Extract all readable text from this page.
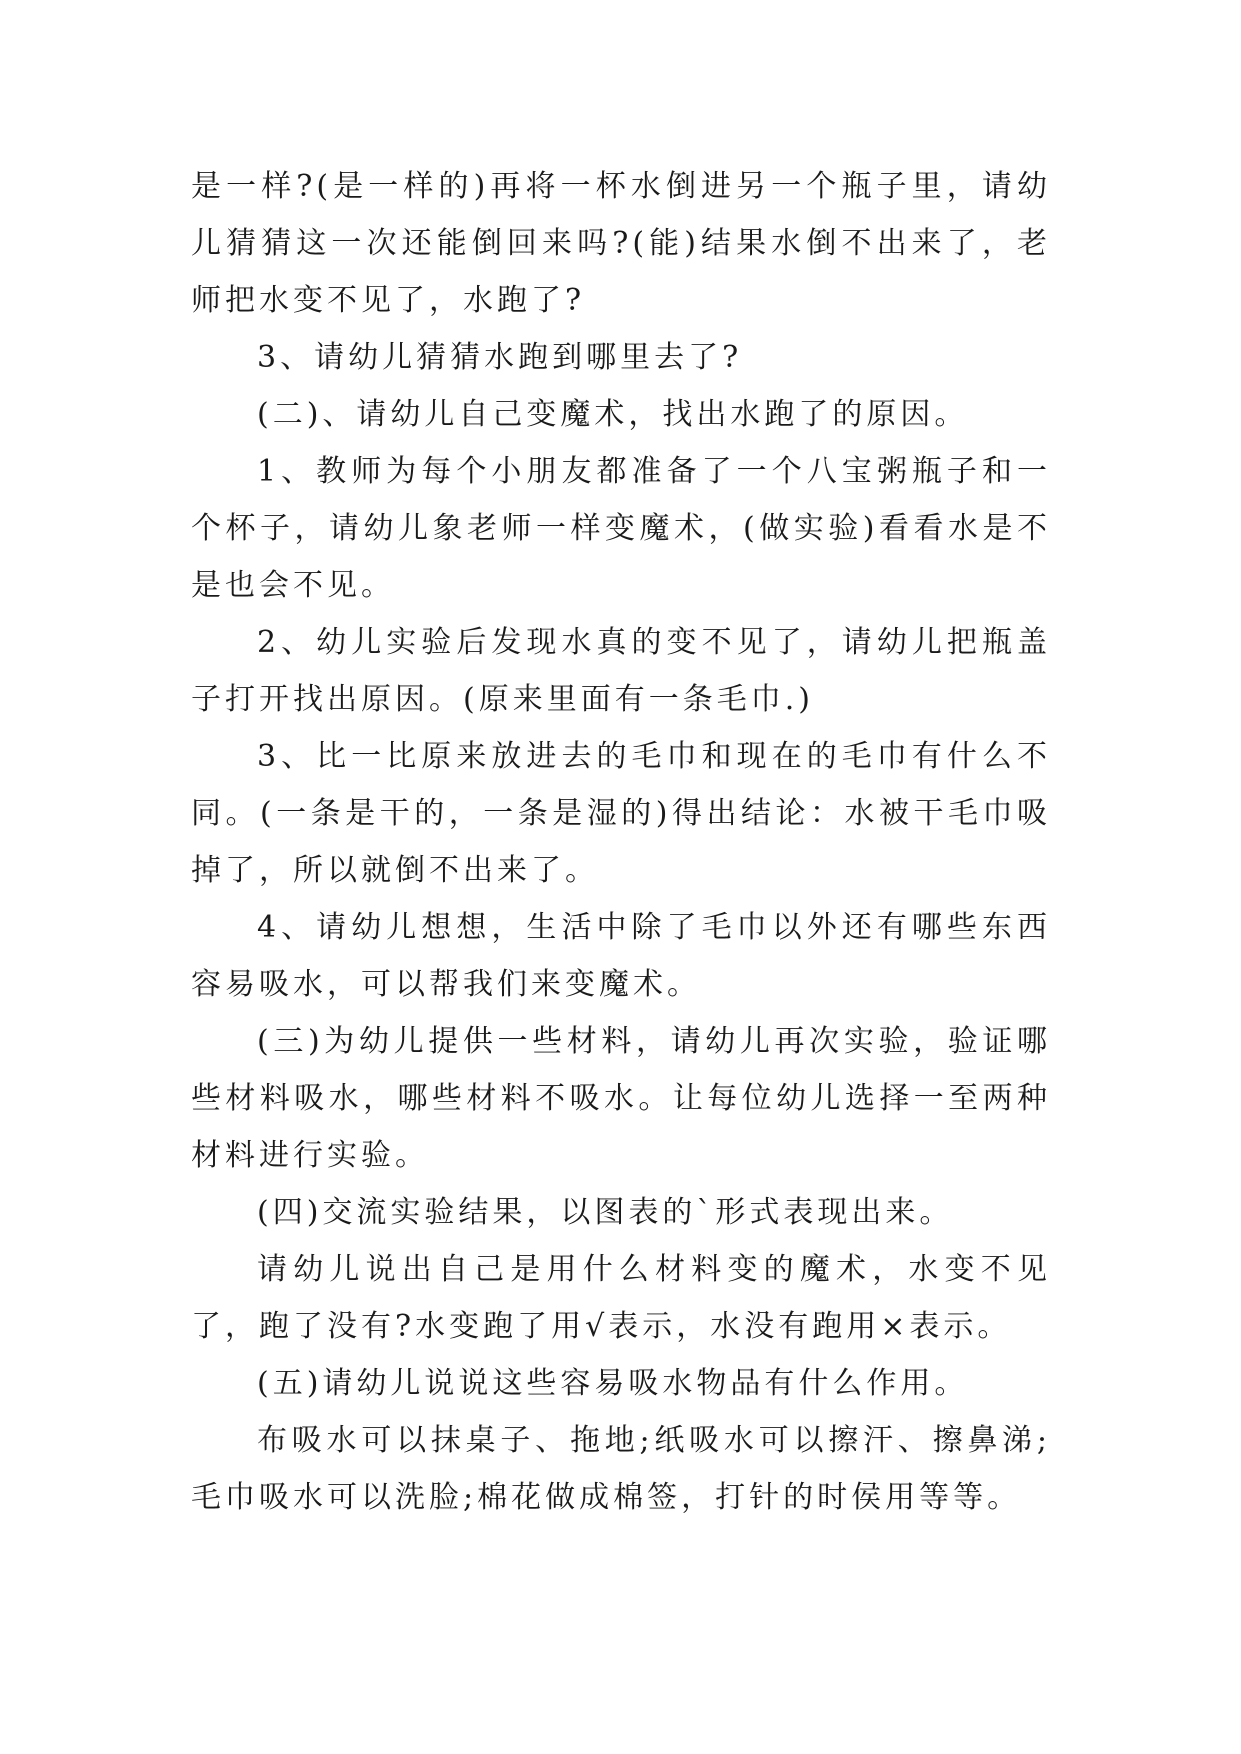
是一样?(是一样的)再将一杯水倒进另一个瓶子里，请幼儿猜猜这一次还能倒回来吗?(能)结果水倒不出来了，老师把水变不见了，水跑了?

3、请幼儿猜猜水跑到哪里去了?

(二)、请幼儿自己变魔术，找出水跑了的原因。

1、教师为每个小朋友都准备了一个八宝粥瓶子和一个杯子，请幼儿象老师一样变魔术，(做实验)看看水是不是也会不见。

2、幼儿实验后发现水真的变不见了，请幼儿把瓶盖子打开找出原因。(原来里面有一条毛巾.)

3、比一比原来放进去的毛巾和现在的毛巾有什么不同。(一条是干的，一条是湿的)得出结论：水被干毛巾吸掉了，所以就倒不出来了。

4、请幼儿想想，生活中除了毛巾以外还有哪些东西容易吸水，可以帮我们来变魔术。

(三)为幼儿提供一些材料，请幼儿再次实验，验证哪些材料吸水，哪些材料不吸水。让每位幼儿选择一至两种材料进行实验。

(四)交流实验结果，以图表的`形式表现出来。

请幼儿说出自己是用什么材料变的魔术，水变不见了，跑了没有?水变跑了用√表示，水没有跑用×表示。

(五)请幼儿说说这些容易吸水物品有什么作用。

布吸水可以抹桌子、拖地;纸吸水可以擦汗、擦鼻涕;毛巾吸水可以洗脸;棉花做成棉签，打针的时侯用等等。
